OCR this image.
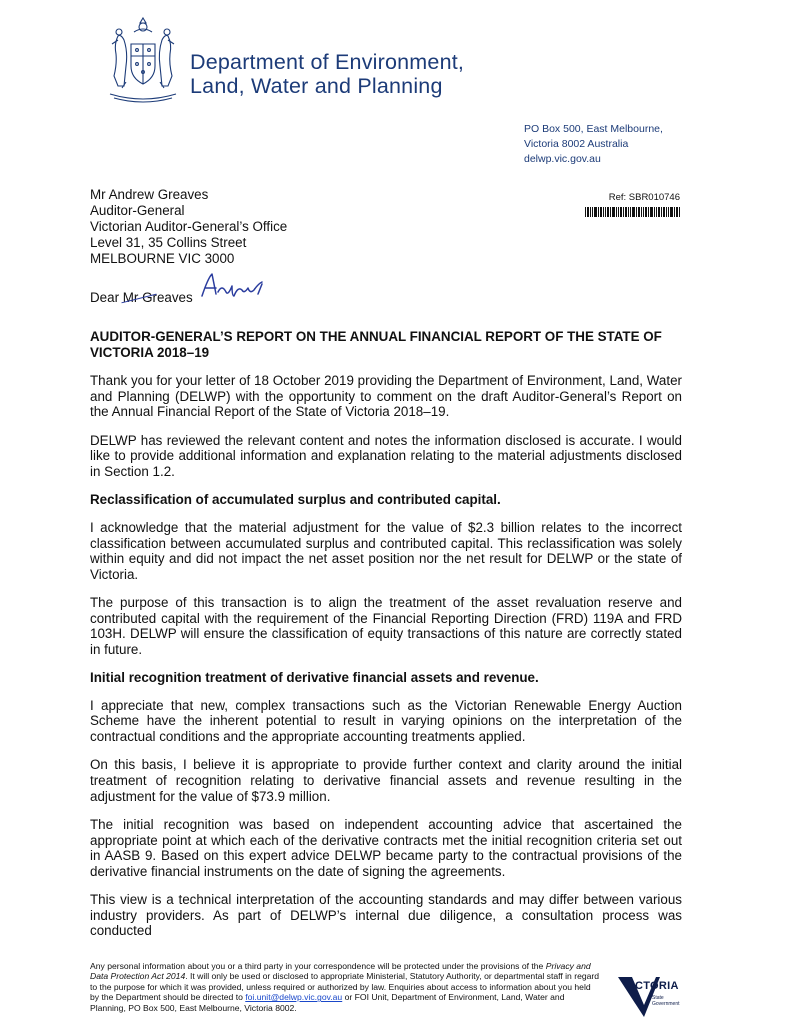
Department of Environment,
Land, Water and Planning
PO Box 500, East Melbourne,
Victoria 8002 Australia
delwp.vic.gov.au
Mr Andrew Greaves
Auditor-General
Victorian Auditor-General’s Office
Level 31, 35 Collins Street
MELBOURNE VIC 3000
Ref: SBR010746
Dear Mr Greaves

AUDITOR-GENERAL’S REPORT ON THE ANNUAL FINANCIAL REPORT OF THE STATE OF
VICTORIA 2018–19

Thank you for your letter of 18 October 2019 providing the Department of Environment, Land, Water and Planning (DELWP) with the opportunity to comment on the draft Auditor-General’s Report on the Annual Financial Report of the State of Victoria 2018–19.

DELWP has reviewed the relevant content and notes the information disclosed is accurate. I would like to provide additional information and explanation relating to the material adjustments disclosed in Section 1.2.

Reclassification of accumulated surplus and contributed capital.

I acknowledge that the material adjustment for the value of $2.3 billion relates to the incorrect classification between accumulated surplus and contributed capital. This reclassification was solely within equity and did not impact the net asset position nor the net result for DELWP or the state of Victoria.

The purpose of this transaction is to align the treatment of the asset revaluation reserve and contributed capital with the requirement of the Financial Reporting Direction (FRD) 119A and FRD 103H. DELWP will ensure the classification of equity transactions of this nature are correctly stated in future.

Initial recognition treatment of derivative financial assets and revenue.

I appreciate that new, complex transactions such as the Victorian Renewable Energy Auction Scheme have the inherent potential to result in varying opinions on the interpretation of the contractual conditions and the appropriate accounting treatments applied.

On this basis, I believe it is appropriate to provide further context and clarity around the initial treatment of recognition relating to derivative financial assets and revenue resulting in the adjustment for the value of $73.9 million.

The initial recognition was based on independent accounting advice that ascertained the appropriate point at which each of the derivative contracts met the initial recognition criteria set out in AASB 9. Based on this expert advice DELWP became party to the contractual provisions of the derivative financial instruments on the date of signing the agreements.

This view is a technical interpretation of the accounting standards and may differ between various industry providers. As part of DELWP’s internal due diligence, a consultation process was conducted

Any personal information about you or a third party in your correspondence will be protected under the provisions of the Privacy and Data Protection Act 2014. It will only be used or disclosed to appropriate Ministerial, Statutory Authority, or departmental staff in regard to the purpose for which it was provided, unless required or authorized by law. Enquiries about access to information about you held by the Department should be directed to foi.unit@delwp.vic.gov.au or FOI Unit, Department of Environment, Land, Water and Planning, PO Box 500, East Melbourne, Victoria 8002.
VICTORIA
State
Government
